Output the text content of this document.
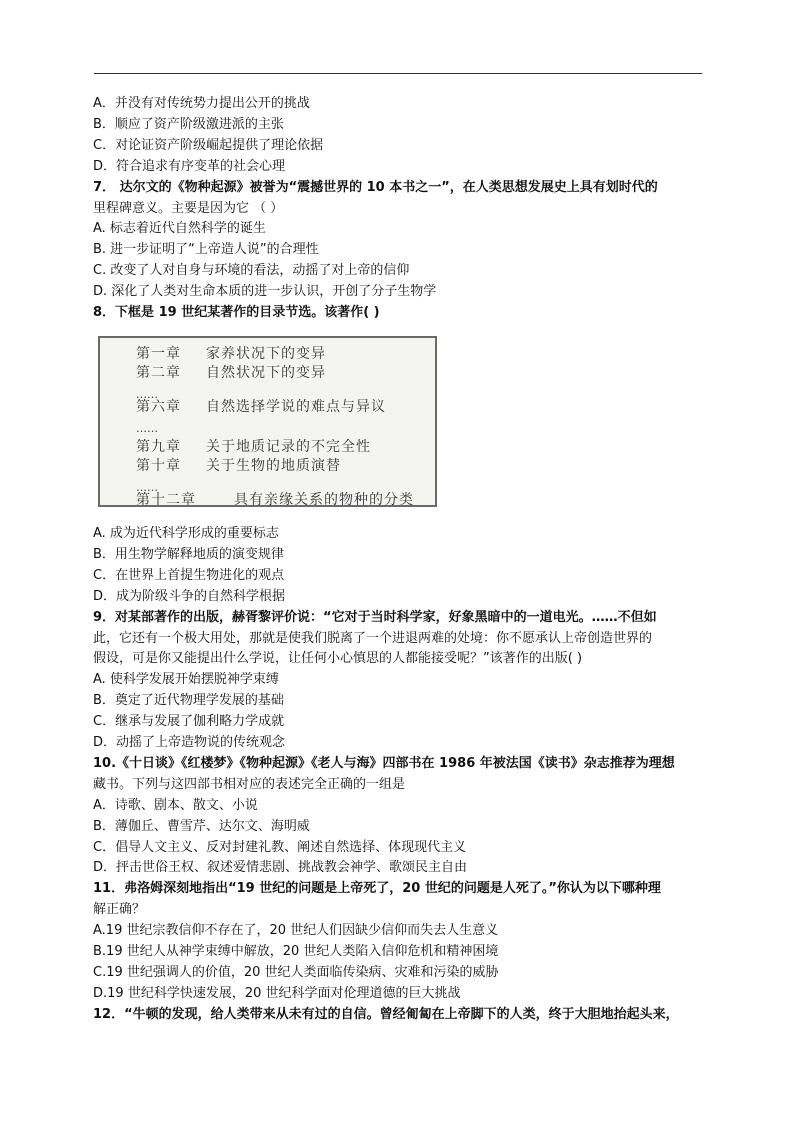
A．并没有对传统势力提出公开的挑战
B．顺应了资产阶级激进派的主张
C．对论证资产阶级崛起提供了理论依据
D．符合追求有序变革的社会心理
7． 达尔文的《物种起源》被誉为“震撼世界的 10 本书之一”，在人类思想发展史上具有划时代的
里程碑意义。主要是因为它 （ ）
A. 标志着近代自然科学的诞生
B. 进一步证明了“上帝造人说”的合理性
C. 改变了人对自身与环境的看法，动摇了对上帝的信仰
D. 深化了人类对生命本质的进一步认识，开创了分子生物学
8．下框是 19 世纪某著作的目录节选。该著作( )
第一章 家养状况下的变异
第二章 自然状况下的变异
……
第六章 自然选择学说的难点与异议
……
第九章 关于地质记录的不完全性
第十章 关于生物的地质演替
……
第十二章	具有亲缘关系的物种的分类
A. 成为近代科学形成的重要标志
B．用生物学解释地质的演变规律
C．在世界上首提生物进化的观点
D．成为阶级斗争的自然科学根据
9．对某部著作的出版，赫胥黎评价说：“它对于当时科学家，好象黑暗中的一道电光。……不但如
此，它还有一个极大用处，那就是使我们脱离了一个进退两难的处境：你不愿承认上帝创造世界的
假设，可是你又能提出什么学说，让任何小心慎思的人都能接受呢？”该著作的出版( )
A. 使科学发展开始摆脱神学束缚
B．奠定了近代物理学发展的基础
C．继承与发展了伽利略力学成就
D．动摇了上帝造物说的传统观念
10.《十日谈》《红楼梦》《物种起源》《老人与海》四部书在 1986 年被法国《读书》杂志推荐为理想
藏书。下列与这四部书相对应的表述完全正确的一组是
A．诗歌、剧本、散文、小说
B．薄伽丘、曹雪芹、达尔文、海明威
C．倡导人文主义、反对封建礼教、阐述自然选择、体现现代主义
D．抨击世俗王权、叙述爱情悲剧、挑战教会神学、歌颂民主自由
11．弗洛姆深刻地指出“19 世纪的问题是上帝死了，20 世纪的问题是人死了。”你认为以下哪种理
解正确？
A.19 世纪宗教信仰不存在了，20 世纪人们因缺少信仰而失去人生意义
B.19 世纪人从神学束缚中解放，20 世纪人类陷入信仰危机和精神困境
C.19 世纪强调人的价值，20 世纪人类面临传染病、灾难和污染的威胁
D.19 世纪科学快速发展，20 世纪科学面对伦理道德的巨大挑战
12．“牛顿的发现，给人类带来从未有过的自信。曾经匍匐在上帝脚下的人类，终于大胆地抬起头来，
